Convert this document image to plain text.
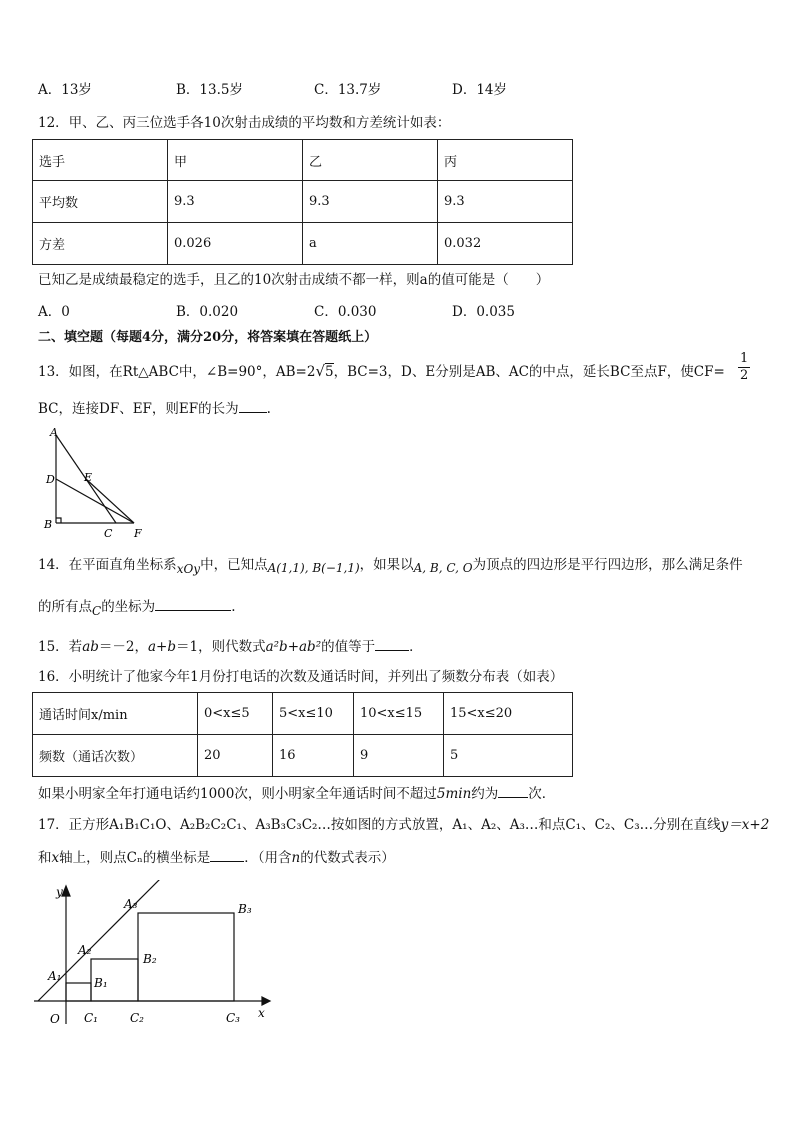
A．13岁	B．13.5岁	C．13.7岁	D．14岁
12．甲、乙、丙三位选手各10次射击成绩的平均数和方差统计如表：
选手	甲	乙	丙
平均数	9.3	9.3	9.3
方差	0.026	a	0.032
已知乙是成绩最稳定的选手，且乙的10次射击成绩不都一样，则a的值可能是（　　）
A．0	B．0.020	C．0.030	D．0.035
二、填空题（每题4分，满分20分，将答案填在答题纸上）
13．如图，在Rt△ABC中，∠B=90°，AB=2√5，BC=3，D、E分别是AB、AC的中点，延长BC至点F，使$CF= \frac{1}{2}$
BC，连接DF、EF，则EF的长为 .
A
B
C
D	E
F
14．在平面直角坐标系xOy中，已知点A(1,1), B(−1,1)，如果以A, B, C, O为顶点的四边形是平行四边形，那么满足条件
的所有点C的坐标为	.
15．若ab＝－2，a+b＝1，则代数式a²b+ab²的值等于	．
16．小明统计了他家今年1月份打电话的次数及通话时间，并列出了频数分布表（如表）
通话时间x/min	0<x≤5	5<x≤10	10<x≤15	15<x≤20
频数（通话次数）	20	16	9	5
如果小明家全年打通电话约1000次，则小明家全年通话时间不超过5min约为 次．
17．正方形A₁B₁C₁O、A₂B₂C₂C₁、A₃B₃C₃C₂…按如图的方式放置，A₁、A₂、A₃…和点C₁、C₂、C₃…分别在直线y＝x+2
和x轴上，则点Cₙ的横坐标是	．（用含n的代数式表示）
y
x
O
A₁
A₂
A₃
B₁
B₂
B₃
C₁	C₂	C₃
